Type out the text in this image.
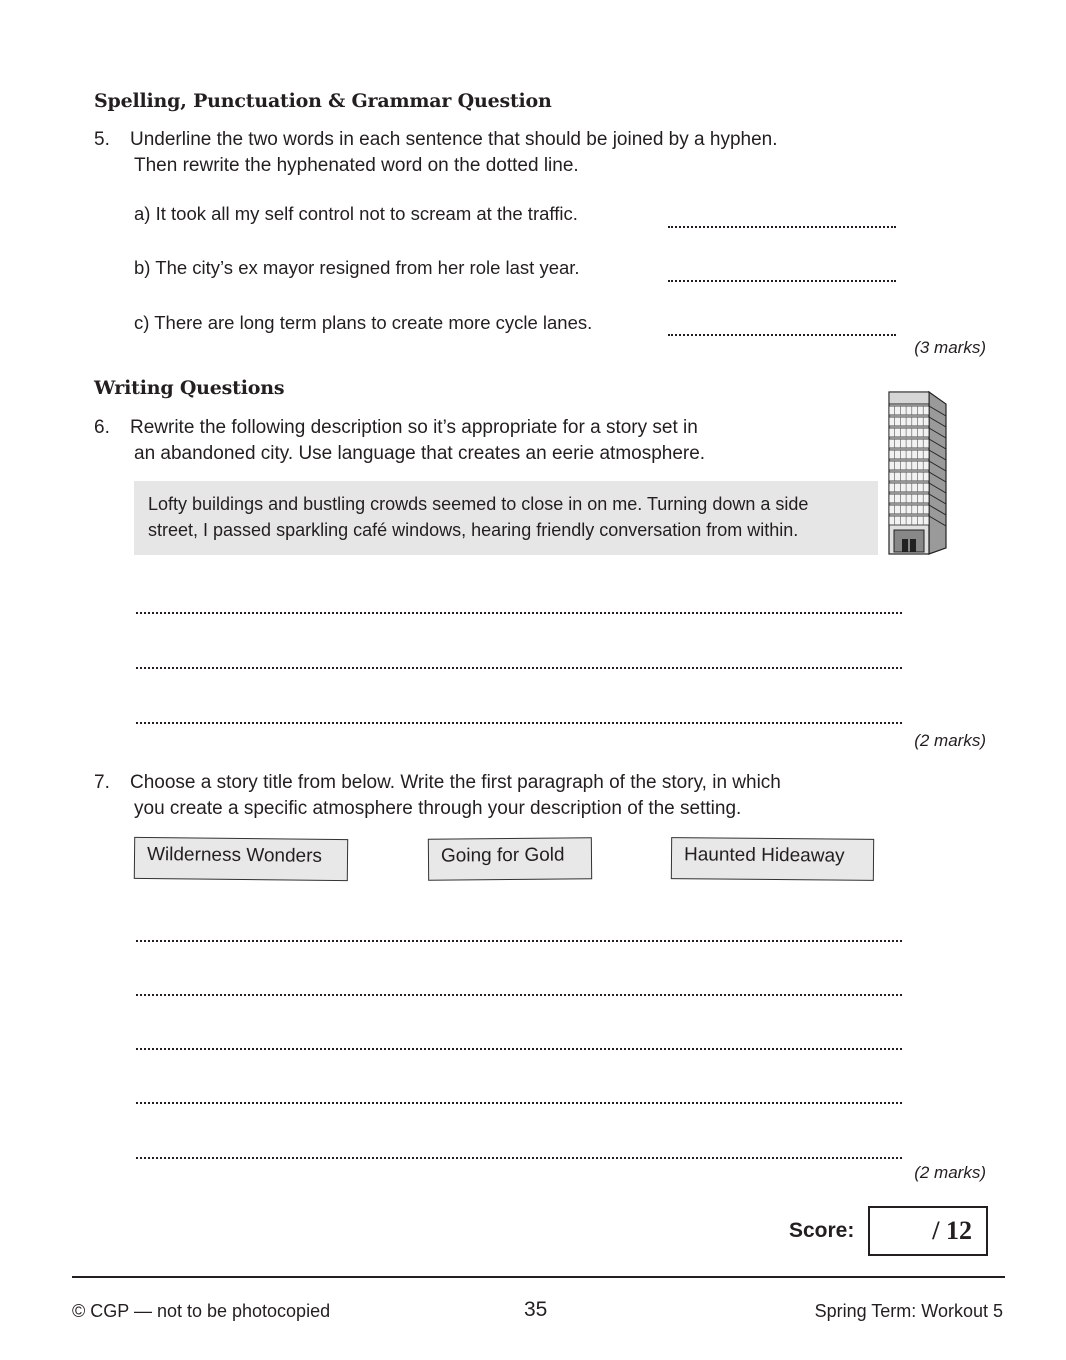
Spelling, Punctuation & Grammar Question
5. Underline the two words in each sentence that should be joined by a hyphen.
Then rewrite the hyphenated word on the dotted line.
a) It took all my self control not to scream at the traffic.
b) The city’s ex mayor resigned from her role last year.
c) There are long term plans to create more cycle lanes.
(3 marks)
Writing Questions
6. Rewrite the following description so it’s appropriate for a story set in
an abandoned city. Use language that creates an eerie atmosphere.
Lofty buildings and bustling crowds seemed to close in on me. Turning down a side
street, I passed sparkling café windows, hearing friendly conversation from within.
(2 marks)
7. Choose a story title from below. Write the first paragraph of the story, in which
you create a specific atmosphere through your description of the setting.
Wilderness Wonders	Going for Gold	Haunted Hideaway
(2 marks)
Score:	/ 12
© CGP — not to be photocopied	35	Spring Term: Workout 5
